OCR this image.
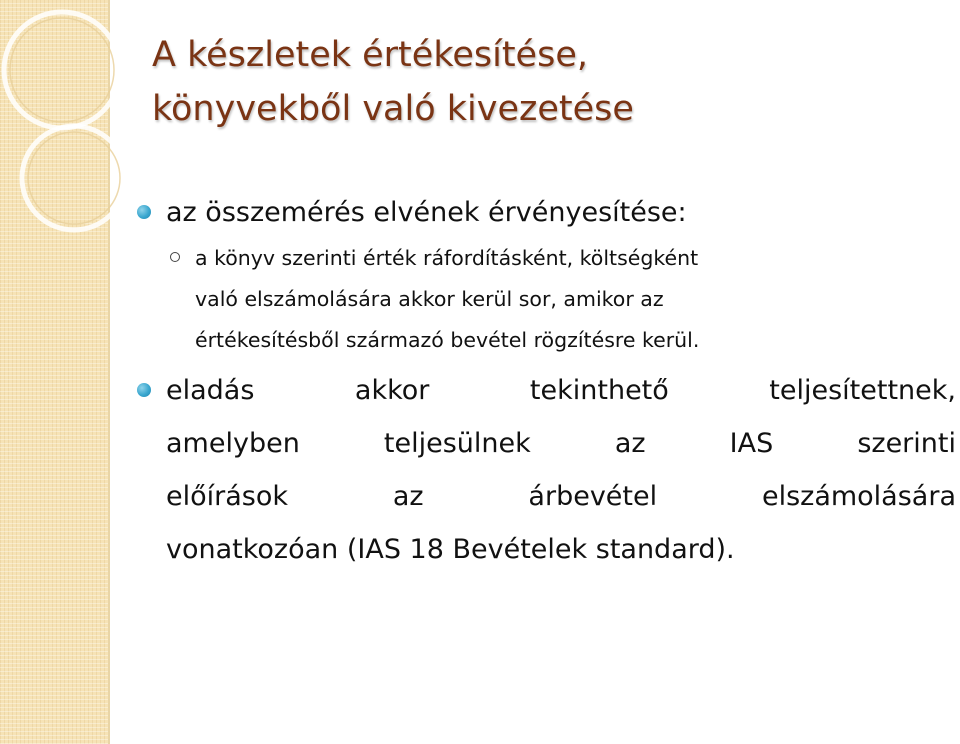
A készletek értékesítése,
könyvekből való kivezetése
az összemérés elvének érvényesítése:
a könyv szerinti érték ráfordításként, költségként
való elszámolására akkor kerül sor, amikor az
értékesítésből származó bevétel rögzítésre kerül.
eladás akkor tekinthető teljesítettnek,
amelyben teljesülnek az IAS szerinti
előírások az árbevétel elszámolására
vonatkozóan (IAS 18 Bevételek standard).
